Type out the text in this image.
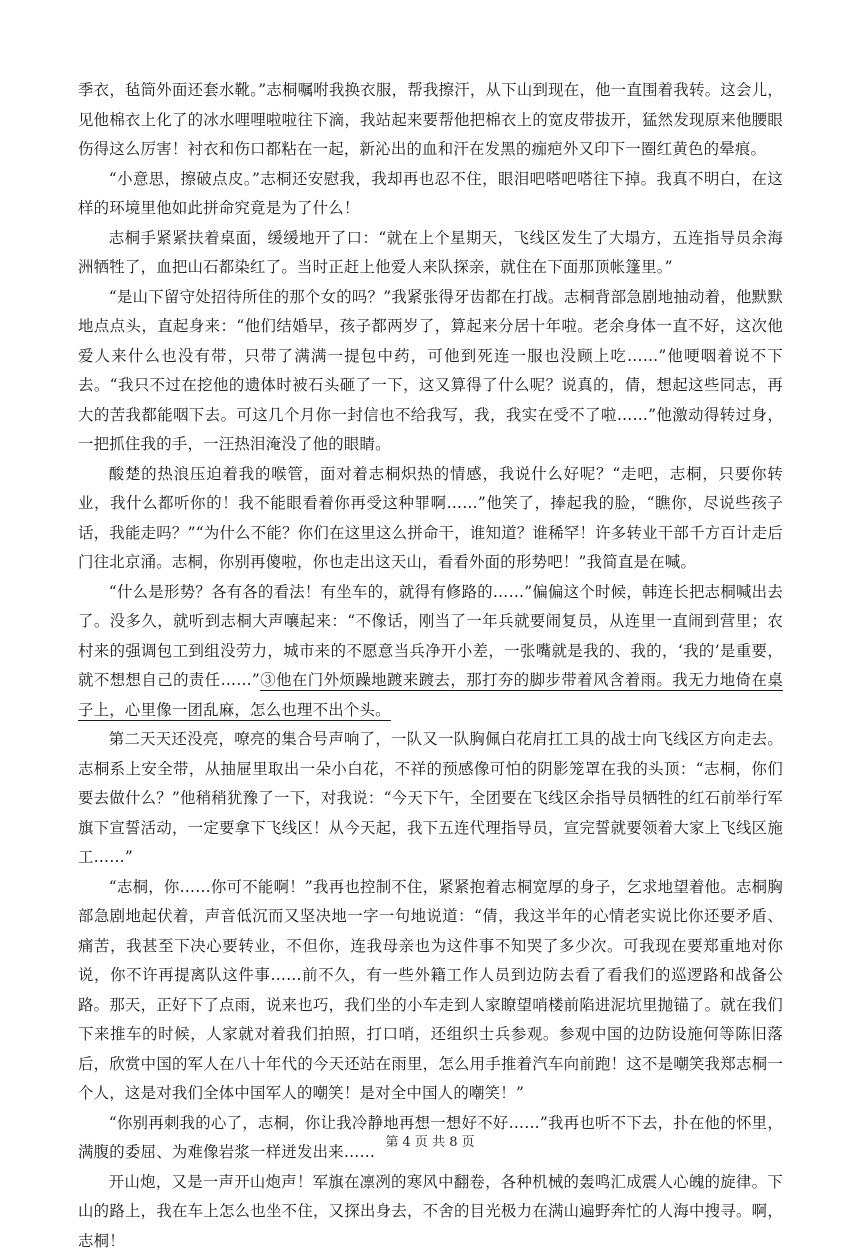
季衣，毡筒外面还套水靴。”志桐嘱咐我换衣服，帮我擦汗，从下山到现在，他一直围着我转。这会儿，见他棉衣上化了的冰水哩哩啦啦往下滴，我站起来要帮他把棉衣上的宽皮带拔开，猛然发现原来他腰眼伤得这么厉害！衬衣和伤口都粘在一起，新沁出的血和汗在发黑的痂疤外又印下一圈红黄色的晕痕。

“小意思，擦破点皮。”志桐还安慰我，我却再也忍不住，眼泪吧嗒吧嗒往下掉。我真不明白，在这样的环境里他如此拼命究竟是为了什么！

志桐手紧紧扶着桌面，缓缓地开了口：“就在上个星期天，飞线区发生了大塌方，五连指导员余海洲牺牲了，血把山石都染红了。当时正赶上他爱人来队探亲，就住在下面那顶帐篷里。”

“是山下留守处招待所住的那个女的吗？”我紧张得牙齿都在打战。志桐背部急剧地抽动着，他默默地点点头，直起身来：“他们结婚早，孩子都两岁了，算起来分居十年啦。老余身体一直不好，这次他爱人来什么也没有带，只带了满满一提包中药，可他到死连一服也没顾上吃……”他哽咽着说不下去。“我只不过在挖他的遗体时被石头砸了一下，这又算得了什么呢？说真的，倩，想起这些同志，再大的苦我都能咽下去。可这几个月你一封信也不给我写，我，我实在受不了啦……”他激动得转过身，一把抓住我的手，一汪热泪淹没了他的眼睛。

酸楚的热浪压迫着我的喉管，面对着志桐炽热的情感，我说什么好呢？“走吧，志桐，只要你转业，我什么都听你的！我不能眼看着你再受这种罪啊……”他笑了，捧起我的脸，“瞧你，尽说些孩子话，我能走吗？”“为什么不能？你们在这里这么拼命干，谁知道？谁稀罕！许多转业干部千方百计走后门往北京涌。志桐，你别再傻啦，你也走出这天山，看看外面的形势吧！”我简直是在喊。

“什么是形势？各有各的看法！有坐车的，就得有修路的……”偏偏这个时候，韩连长把志桐喊出去了。没多久，就听到志桐大声嚷起来：“不像话，刚当了一年兵就要闹复员，从连里一直闹到营里；农村来的强调包工到组没劳力，城市来的不愿意当兵净开小差，一张嘴就是我的、我的，‘我的’是重要，就不想想自己的责任……”③他在门外烦躁地踱来踱去，那打夯的脚步带着风含着雨。我无力地倚在桌子上，心里像一团乱麻，怎么也理不出个头。

第二天天还没亮，嘹亮的集合号声响了，一队又一队胸佩白花肩扛工具的战士向飞线区方向走去。志桐系上安全带，从抽屉里取出一朵小白花，不祥的预感像可怕的阴影笼罩在我的头顶：“志桐，你们要去做什么？”他稍稍犹豫了一下，对我说：“今天下午，全团要在飞线区余指导员牺牲的红石前举行军旗下宣誓活动，一定要拿下飞线区！从今天起，我下五连代理指导员，宣完誓就要领着大家上飞线区施工……”

“志桐，你……你可不能啊！”我再也控制不住，紧紧抱着志桐宽厚的身子，乞求地望着他。志桐胸部急剧地起伏着，声音低沉而又坚决地一字一句地说道：“倩，我这半年的心情老实说比你还要矛盾、痛苦，我甚至下决心要转业，不但你，连我母亲也为这件事不知哭了多少次。可我现在要郑重地对你说，你不许再提离队这件事……前不久，有一些外籍工作人员到边防去看了看我们的巡逻路和战备公路。那天，正好下了点雨，说来也巧，我们坐的小车走到人家瞭望哨楼前陷进泥坑里抛锚了。就在我们下来推车的时候，人家就对着我们拍照，打口哨，还组织士兵参观。参观中国的边防设施何等陈旧落后，欣赏中国的军人在八十年代的今天还站在雨里，怎么用手推着汽车向前跑！这不是嘲笑我郑志桐一个人，这是对我们全体中国军人的嘲笑！是对全中国人的嘲笑！”

“你别再刺我的心了，志桐，你让我冷静地再想一想好不好……”我再也听不下去，扑在他的怀里，满腹的委屈、为难像岩浆一样迸发出来……

开山炮，又是一声开山炮声！军旗在凛冽的寒风中翻卷，各种机械的轰鸣汇成震人心魄的旋律。下山的路上，我在车上怎么也坐不住，又探出身去，不舍的目光极力在满山遍野奔忙的人海中搜寻。啊，志桐！

第 4 页 共 8 页
